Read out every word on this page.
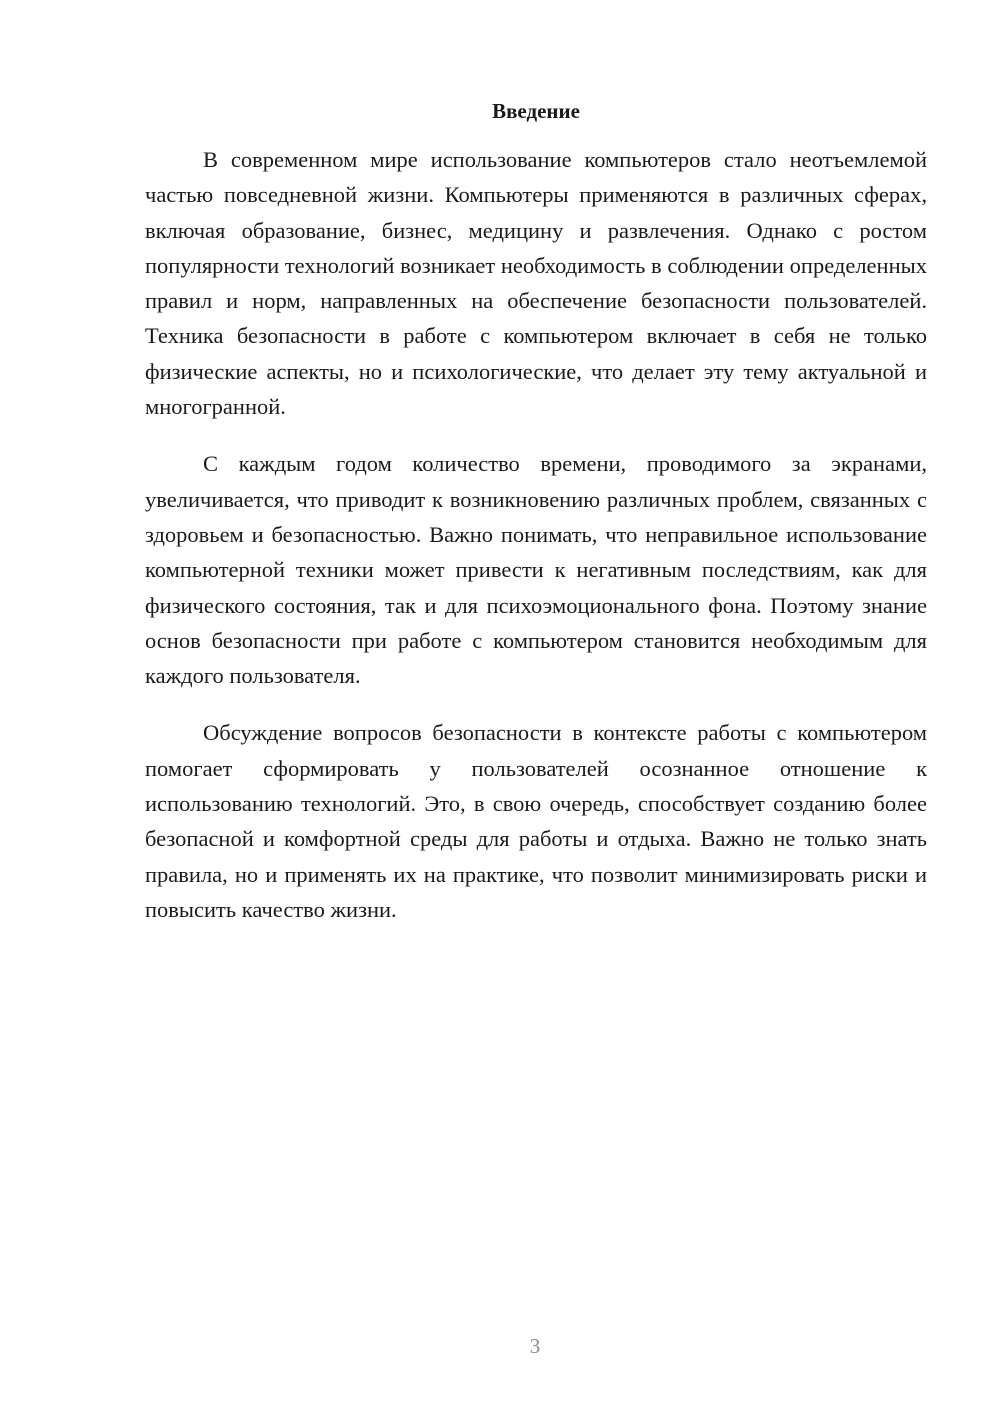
Введение

В современном мире использование компьютеров стало неотъемлемой частью повседневной жизни. Компьютеры применяются в различных сферах, включая образование, бизнес, медицину и развлечения. Однако с ростом популярности технологий возникает необходимость в соблюдении определенных правил и норм, направленных на обеспечение безопасности пользователей. Техника безопасности в работе с компьютером включает в себя не только физические аспекты, но и психологические, что делает эту тему актуальной и многогранной.

С каждым годом количество времени, проводимого за экранами, увеличивается, что приводит к возникновению различных проблем, связанных с здоровьем и безопасностью. Важно понимать, что неправильное использование компьютерной техники может привести к негативным последствиям, как для физического состояния, так и для психоэмоционального фона. Поэтому знание основ безопасности при работе с компьютером становится необходимым для каждого пользователя.

Обсуждение вопросов безопасности в контексте работы с компьютером помогает сформировать у пользователей осознанное отношение к использованию технологий. Это, в свою очередь, способствует созданию более безопасной и комфортной среды для работы и отдыха. Важно не только знать правила, но и применять их на практике, что позволит минимизировать риски и повысить качество жизни.

3
